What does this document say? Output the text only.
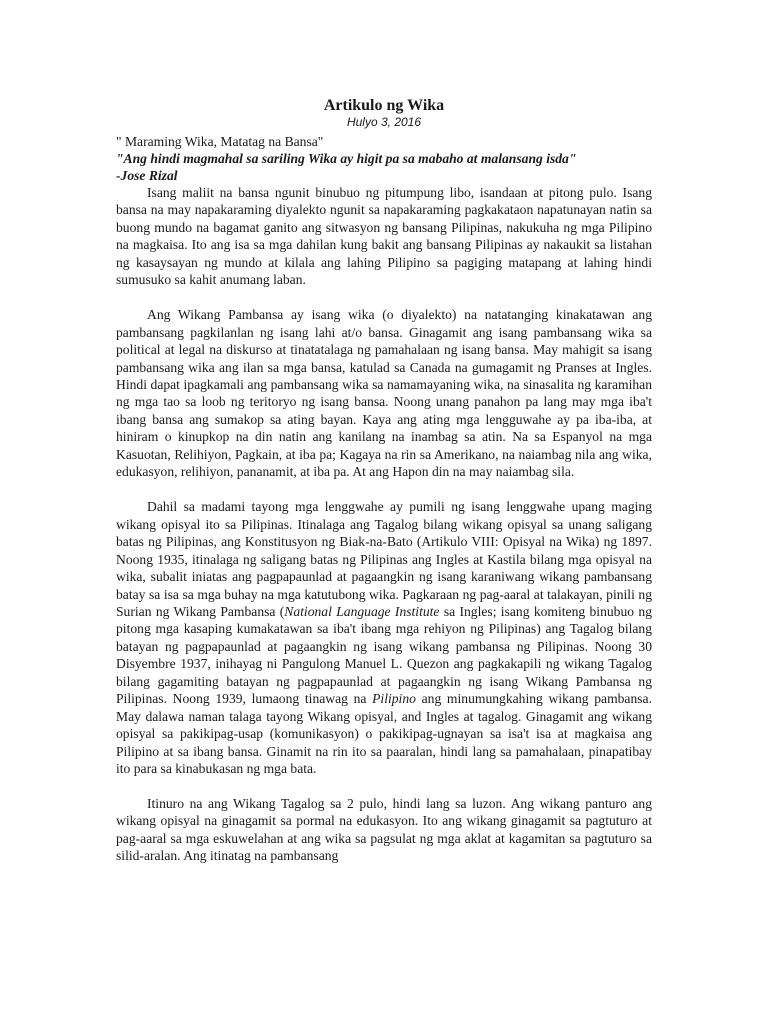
Artikulo ng Wika
Hulyo 3, 2016
" Maraming Wika, Matatag na Bansa"
"Ang hindi magmahal sa sariling Wika ay higit pa sa mabaho at malansang isda"
-Jose Rizal

Isang maliit na bansa ngunit binubuo ng pitumpung libo, isandaan at pitong pulo. Isang bansa na may napakaraming diyalekto ngunit sa napakaraming pagkakataon napatunayan natin sa buong mundo na bagamat ganito ang sitwasyon ng bansang Pilipinas, nakukuha ng mga Pilipino na magkaisa. Ito ang isa sa mga dahilan kung bakit ang bansang Pilipinas ay nakaukit sa listahan ng kasaysayan ng mundo at kilala ang lahing Pilipino sa pagiging matapang at lahing hindi sumusuko sa kahit anumang laban.

Ang Wikang Pambansa ay isang wika (o diyalekto) na natatanging kinakatawan ang pambansang pagkilanlan ng isang lahi at/o bansa. Ginagamit ang isang pambansang wika sa political at legal na diskurso at tinatatalaga ng pamahalaan ng isang bansa. May mahigit sa isang pambansang wika ang ilan sa mga bansa, katulad sa Canada na gumagamit ng Pranses at Ingles. Hindi dapat ipagkamali ang pambansang wika sa namamayaning wika, na sinasalita ng karamihan ng mga tao sa loob ng teritoryo ng isang bansa. Noong unang panahon pa lang may mga iba't ibang bansa ang sumakop sa ating bayan. Kaya ang ating mga lengguwahe ay pa iba-iba, at hiniram o kinupkop na din natin ang kanilang na inambag sa atin. Na sa Espanyol na mga Kasuotan, Relihiyon, Pagkain, at iba pa; Kagaya na rin sa Amerikano, na naiambag nila ang wika, edukasyon, relihiyon, pananamit, at iba pa. At ang Hapon din na may naiambag sila.

Dahil sa madami tayong mga lenggwahe ay pumili ng isang lenggwahe upang maging wikang opisyal ito sa Pilipinas. Itinalaga ang Tagalog bilang wikang opisyal sa unang saligang batas ng Pilipinas, ang Konstitusyon ng Biak-na-Bato (Artikulo VIII: Opisyal na Wika) ng 1897. Noong 1935, itinalaga ng saligang batas ng Pilipinas ang Ingles at Kastila bilang mga opisyal na wika, subalit iniatas ang pagpapaunlad at pagaangkin ng isang karaniwang wikang pambansang batay sa isa sa mga buhay na mga katutubong wika. Pagkaraan ng pag-aaral at talakayan, pinili ng Surian ng Wikang Pambansa (National Language Institute sa Ingles; isang komiteng binubuo ng pitong mga kasaping kumakatawan sa iba't ibang mga rehiyon ng Pilipinas) ang Tagalog bilang batayan ng pagpapaunlad at pagaangkin ng isang wikang pambansa ng Pilipinas. Noong 30 Disyembre 1937, inihayag ni Pangulong Manuel L. Quezon ang pagkakapili ng wikang Tagalog bilang gagamiting batayan ng pagpapaunlad at pagaangkin ng isang Wikang Pambansa ng Pilipinas. Noong 1939, lumaong tinawag na Pilipino ang minumungkahing wikang pambansa. May dalawa naman talaga tayong Wikang opisyal, and Ingles at tagalog. Ginagamit ang wikang opisyal sa pakikipag-usap (komunikasyon) o pakikipag-ugnayan sa isa't isa at magkaisa ang Pilipino at sa ibang bansa. Ginamit na rin ito sa paaralan, hindi lang sa pamahalaan, pinapatibay ito para sa kinabukasan ng mga bata.

Itinuro na ang Wikang Tagalog sa 2 pulo, hindi lang sa luzon. Ang wikang panturo ang wikang opisyal na ginagamit sa pormal na edukasyon. Ito ang wikang ginagamit sa pagtuturo at pag-aaral sa mga eskuwelahan at ang wika sa pagsulat ng mga aklat at kagamitan sa pagtuturo sa silid-aralan. Ang itinatag na pambansang
